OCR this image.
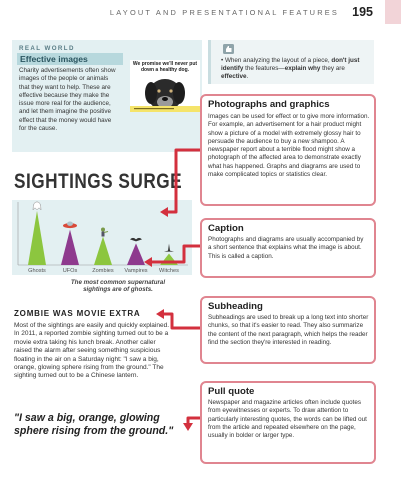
LAYOUT AND PRESENTATIONAL FEATURES 195
REAL WORLD
Effective images
Charity advertisements often show images of the people or animals that they want to help. These are effective because they make the issue more real for the audience, and let them imagine the positive effect that the money would have for the cause.
We promise we'll never put down a healthy dog.
• When analyzing the layout of a piece, don't just identify the features—explain why they are effective.
Photographs and graphics

Images can be used for effect or to give more information. For example, an advertisement for a hair product might show a picture of a model with extremely glossy hair to persuade the audience to buy a new shampoo. A newspaper report about a terrible flood might show a photograph of the affected area to demonstrate exactly what has happened. Graphs and diagrams are used to make complicated topics or statistics clear.

Caption

Photographs and diagrams are usually accompanied by a short sentence that explains what the image is about. This is called a caption.

Subheading

Subheadings are used to break up a long text into shorter chunks, so that it's easier to read. They also summarize the content of the next paragraph, which helps the reader find the section they're interested in reading.

Pull quote

Newspaper and magazine articles often include quotes from eyewitnesses or experts. To draw attention to particularly interesting quotes, the words can be lifted out from the article and repeated elsewhere on the page, usually in bolder or larger type.

SIGHTINGS SURGE
Ghosts	UFOs	Zombies Vampires Witches
The most common supernatural sightings are of ghosts.
ZOMBIE WAS MOVIE EXTRA
Most of the sightings are easily and quickly explained. In 2011, a reported zombie sighting turned out to be a movie extra taking his lunch break. Another caller raised the alarm after seeing something suspicious floating in the air on a Saturday night: "I saw a big, orange, glowing sphere rising from the ground." The sighting turned out to be a Chinese lantern.
"I saw a big, orange, glowing sphere rising from the ground."
